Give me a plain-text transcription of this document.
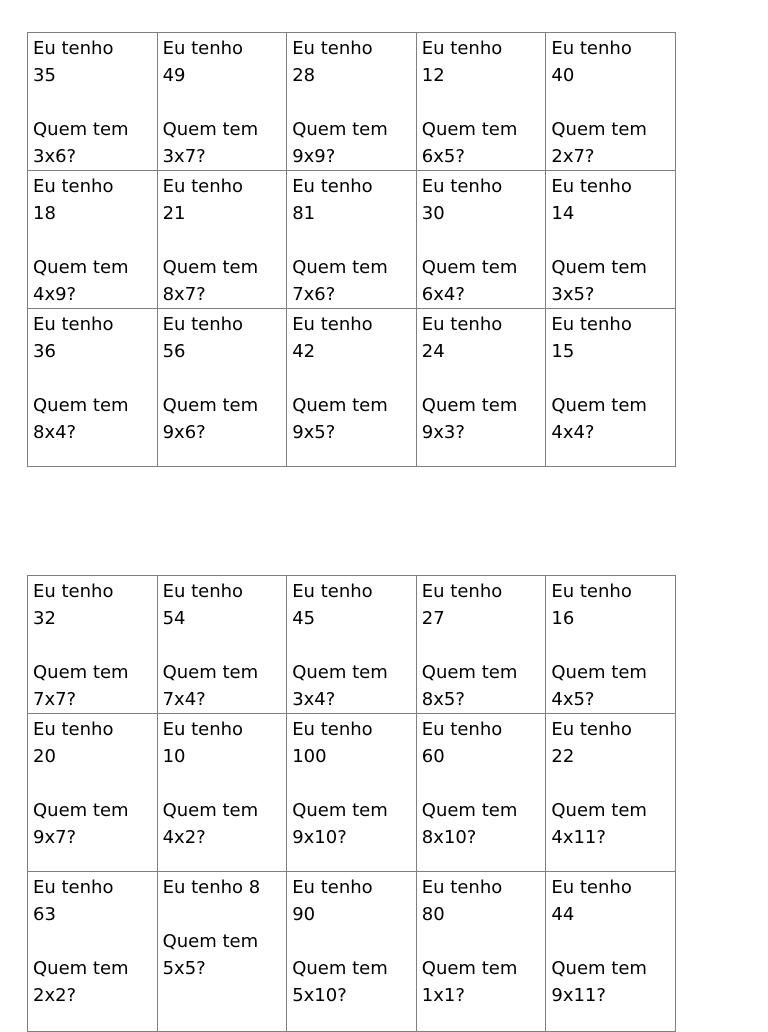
Eu tenho
35
Quem tem
3x6?	Eu tenho
49
Quem tem
3x7?	Eu tenho
28
Quem tem
9x9?	Eu tenho
12
Quem tem
6x5?	Eu tenho
40
Quem tem
2x7?

Eu tenho
18
Quem tem
4x9?	Eu tenho
21
Quem tem
8x7?	Eu tenho
81
Quem tem
7x6?	Eu tenho
30
Quem tem
6x4?	Eu tenho
14
Quem tem
3x5?

Eu tenho
36
Quem tem
8x4?	Eu tenho
56
Quem tem
9x6?	Eu tenho
42
Quem tem
9x5?	Eu tenho
24
Quem tem
9x3?	Eu tenho
15
Quem tem
4x4?
Eu tenho
32
Quem tem
7x7?	Eu tenho
54
Quem tem
7x4?	Eu tenho
45
Quem tem
3x4?	Eu tenho
27
Quem tem
8x5?	Eu tenho
16
Quem tem
4x5?

Eu tenho
20
Quem tem
9x7?	Eu tenho
10
Quem tem
4x2?	Eu tenho
100
Quem tem
9x10?	Eu tenho
60
Quem tem
8x10?	Eu tenho
22
Quem tem
4x11?

Eu tenho
63
Quem tem
2x2?	Eu tenho 8
Quem tem
5x5?	Eu tenho
90
Quem tem
5x10?	Eu tenho
80
Quem tem
1x1?	Eu tenho
44
Quem tem
9x11?
